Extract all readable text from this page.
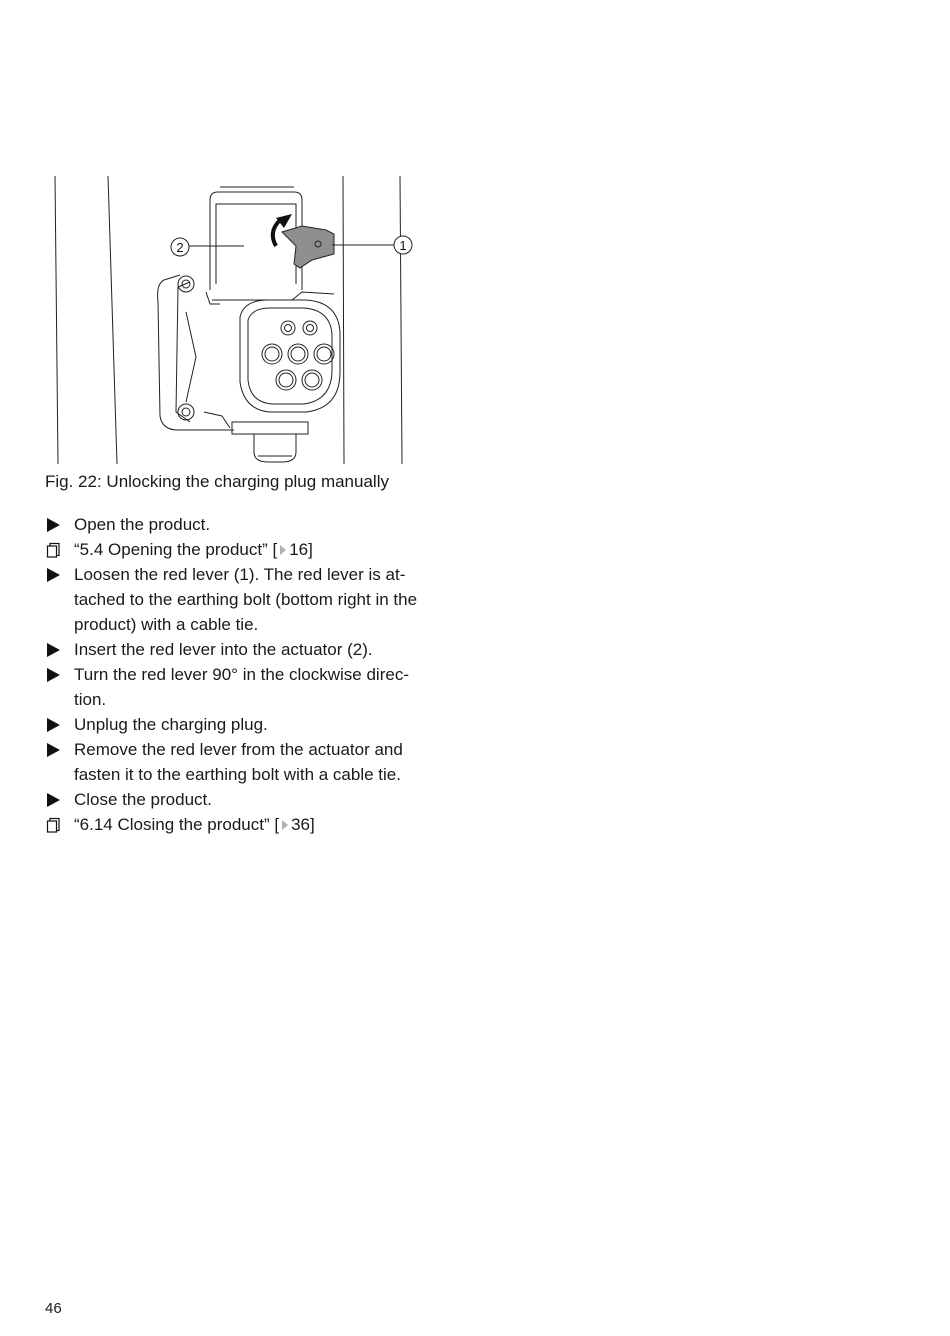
1
2
Fig. 22: Unlocking the charging plug manually
Open the product.
“5.4 Opening the product” [ 16]
Loosen the red lever (1). The red lever is at-
tached to the earthing bolt (bottom right in the
product) with a cable tie.
Insert the red lever into the actuator (2).
Turn the red lever 90° in the clockwise direc-
tion.
Unplug the charging plug.
Remove the red lever from the actuator and
fasten it to the earthing bolt with a cable tie.
Close the product.
“6.14 Closing the product” [ 36]
46
